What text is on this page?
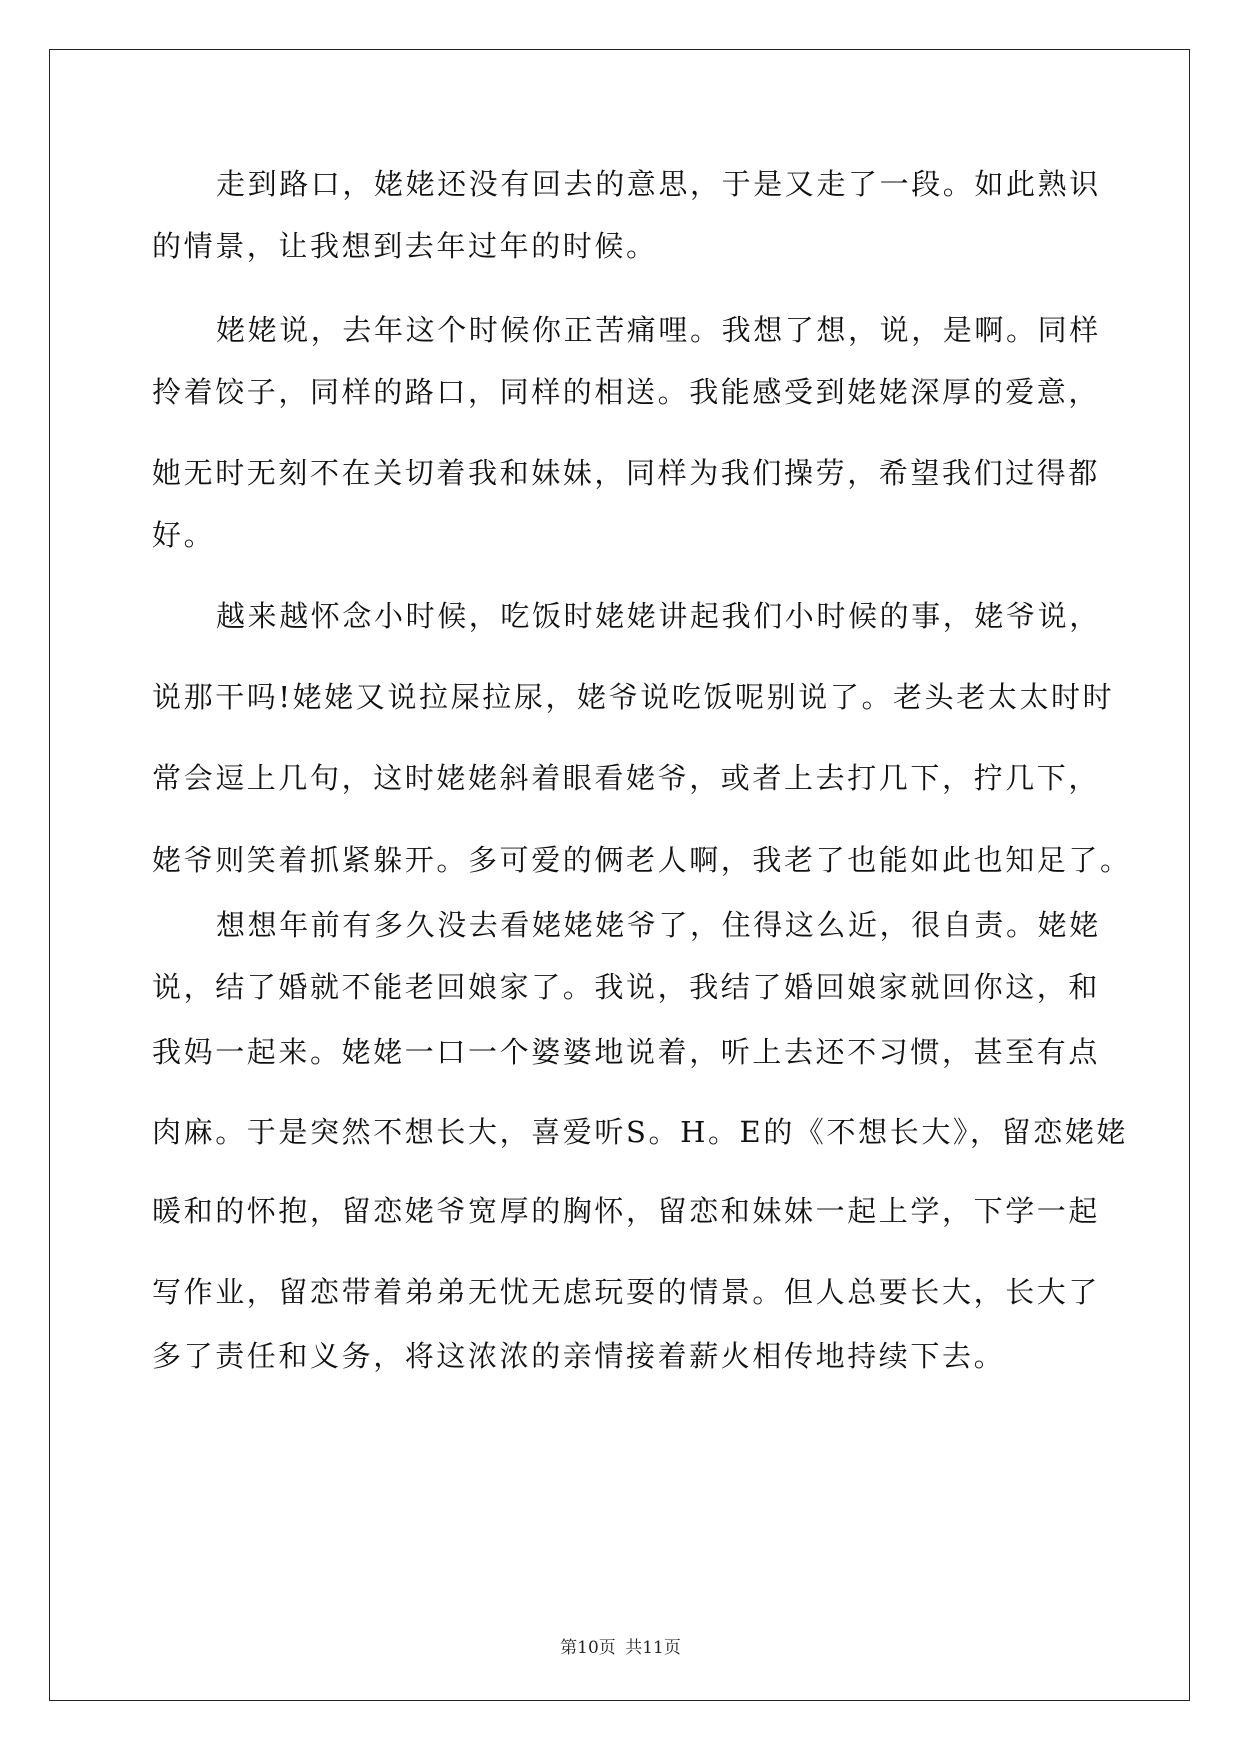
走到路口，姥姥还没有回去的意思，于是又走了一段。如此熟识
的情景，让我想到去年过年的时候。
姥姥说，去年这个时候你正苦痛哩。我想了想，说，是啊。同样
拎着饺子，同样的路口，同样的相送。我能感受到姥姥深厚的爱意，
她无时无刻不在关切着我和妹妹，同样为我们操劳，希望我们过得都
好。
越来越怀念小时候，吃饭时姥姥讲起我们小时候的事，姥爷说，
说那干吗!姥姥又说拉屎拉尿，姥爷说吃饭呢别说了。老头老太太时时
常会逗上几句，这时姥姥斜着眼看姥爷，或者上去打几下，拧几下，
姥爷则笑着抓紧躲开。多可爱的俩老人啊，我老了也能如此也知足了。
想想年前有多久没去看姥姥姥爷了，住得这么近，很自责。姥姥
说，结了婚就不能老回娘家了。我说，我结了婚回娘家就回你这，和
我妈一起来。姥姥一口一个婆婆地说着，听上去还不习惯，甚至有点
肉麻。于是突然不想长大，喜爱听S。H。E的《不想长大》，留恋姥姥
暖和的怀抱，留恋姥爷宽厚的胸怀，留恋和妹妹一起上学，下学一起
写作业，留恋带着弟弟无忧无虑玩耍的情景。但人总要长大，长大了
多了责任和义务，将这浓浓的亲情接着薪火相传地持续下去。
第10页 共11页
